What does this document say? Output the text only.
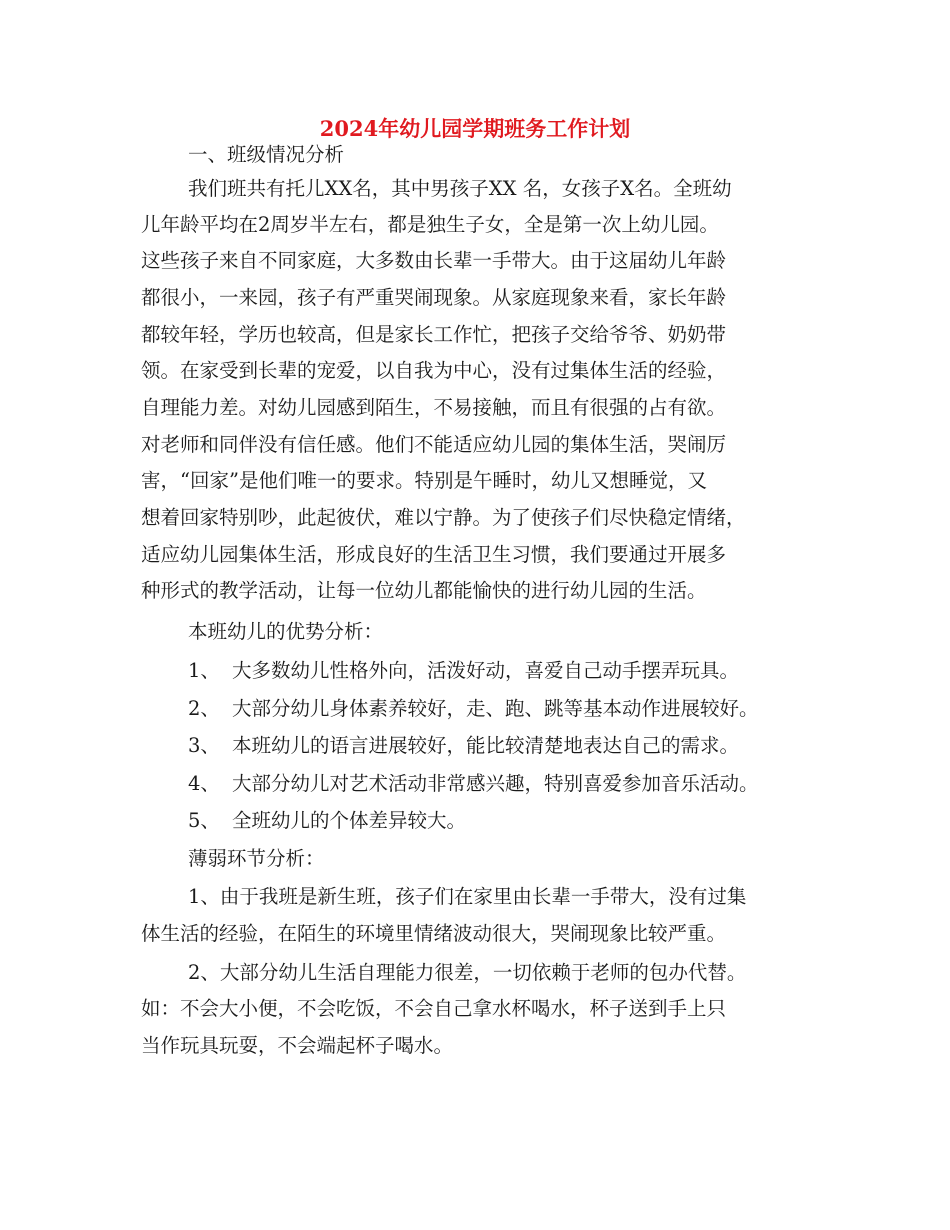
2024年幼儿园学期班务工作计划
一、班级情况分析
我们班共有托儿XX名，其中男孩子XX 名，女孩子X名。全班幼
儿年龄平均在2周岁半左右，都是独生子女，全是第一次上幼儿园。
这些孩子来自不同家庭，大多数由长辈一手带大。由于这届幼儿年龄
都很小，一来园，孩子有严重哭闹现象。从家庭现象来看，家长年龄
都较年轻，学历也较高，但是家长工作忙，把孩子交给爷爷、奶奶带
领。在家受到长辈的宠爱，以自我为中心，没有过集体生活的经验，
自理能力差。对幼儿园感到陌生，不易接触，而且有很强的占有欲。
对老师和同伴没有信任感。他们不能适应幼儿园的集体生活，哭闹厉
害，“回家”是他们唯一的要求。特别是午睡时，幼儿又想睡觉，又
想着回家特别吵，此起彼伏，难以宁静。为了使孩子们尽快稳定情绪，
适应幼儿园集体生活，形成良好的生活卫生习惯，我们要通过开展多
种形式的教学活动，让每一位幼儿都能愉快的进行幼儿园的生活。
本班幼儿的优势分析：
1、 大多数幼儿性格外向，活泼好动，喜爱自己动手摆弄玩具。
2、 大部分幼儿身体素养较好，走、跑、跳等基本动作进展较好。
3、 本班幼儿的语言进展较好，能比较清楚地表达自己的需求。
4、 大部分幼儿对艺术活动非常感兴趣，特别喜爱参加音乐活动。
5、 全班幼儿的个体差异较大。
薄弱环节分析：
1、由于我班是新生班，孩子们在家里由长辈一手带大，没有过集
体生活的经验，在陌生的环境里情绪波动很大，哭闹现象比较严重。
2、大部分幼儿生活自理能力很差，一切依赖于老师的包办代替。
如：不会大小便，不会吃饭，不会自己拿水杯喝水，杯子送到手上只
当作玩具玩耍，不会端起杯子喝水。
